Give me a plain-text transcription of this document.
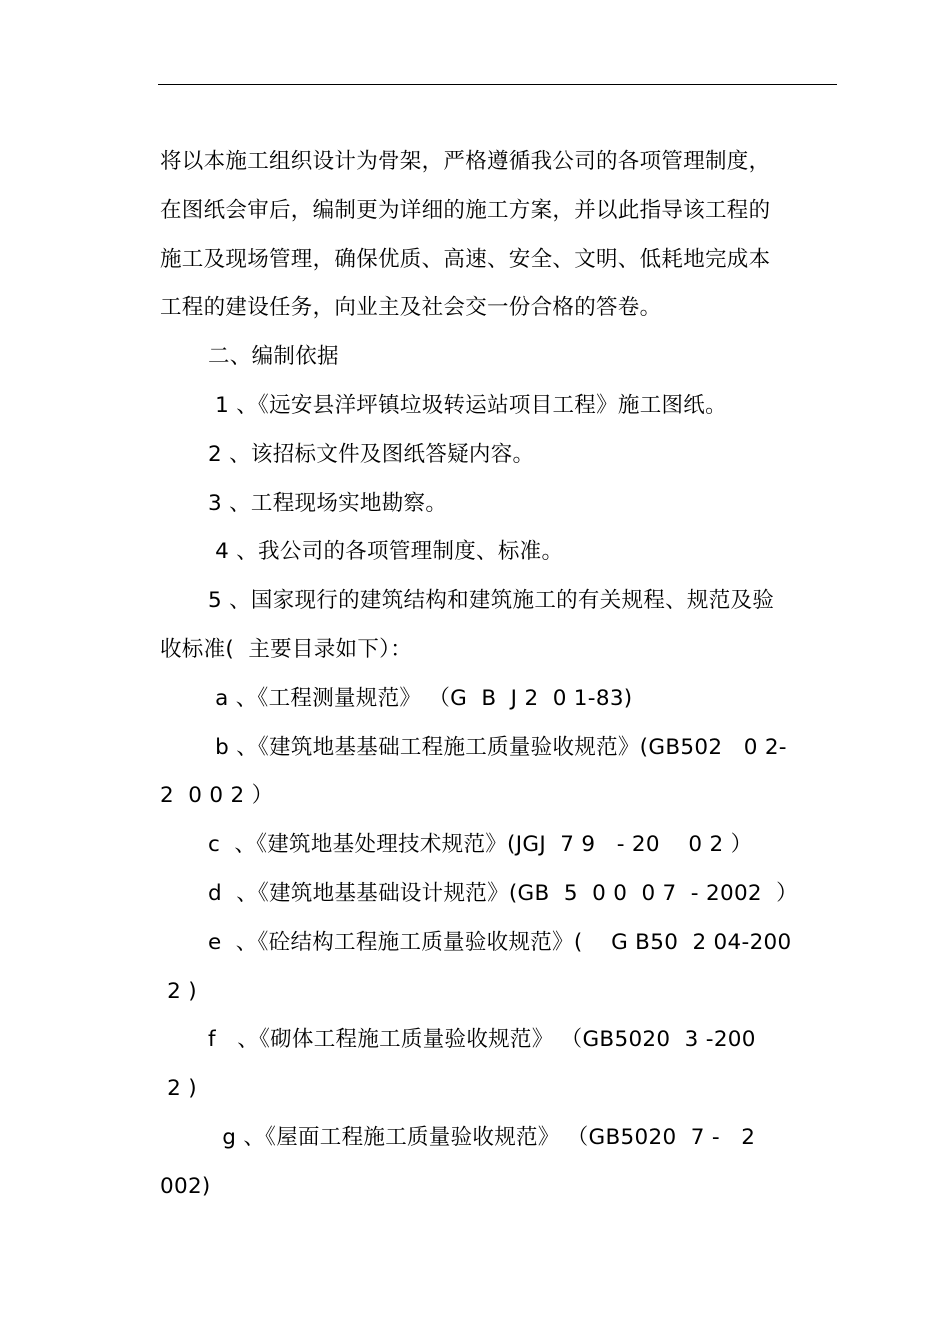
将以本施工组织设计为骨架，严格遵循我公司的各项管理制度，
在图纸会审后，编制更为详细的施工方案，并以此指导该工程的
施工及现场管理，确保优质、高速、安全、文明、低耗地完成本
工程的建设任务，向业主及社会交一份合格的答卷。
二、编制依据
1 、《远安县洋坪镇垃圾转运站项目工程》施工图纸。
2 、该招标文件及图纸答疑内容。
3 、工程现场实地勘察。
4 、我公司的各项管理制度、标准。
5 、国家现行的建筑结构和建筑施工的有关规程、规范及验
收标准(  主要目录如下）：
a 、《工程测量规范》 （G  B  J 2  0 1-83)
b 、《建筑地基基础工程施工质量验收规范》(GB502   0 2-
2  0 0 2 ）
c  、《建筑地基处理技术规范》(JGJ  7 9   - 20    0 2 ）
d  、《建筑地基基础设计规范》(GB  5  0 0  0 7  - 2002  ）
e  、《砼结构工程施工质量验收规范》(    G B50  2 04-200
2 )
f   、《砌体工程施工质量验收规范》 （GB5020  3 -200
2 )
g 、《屋面工程施工质量验收规范》 （GB5020  7 -   2
002)
